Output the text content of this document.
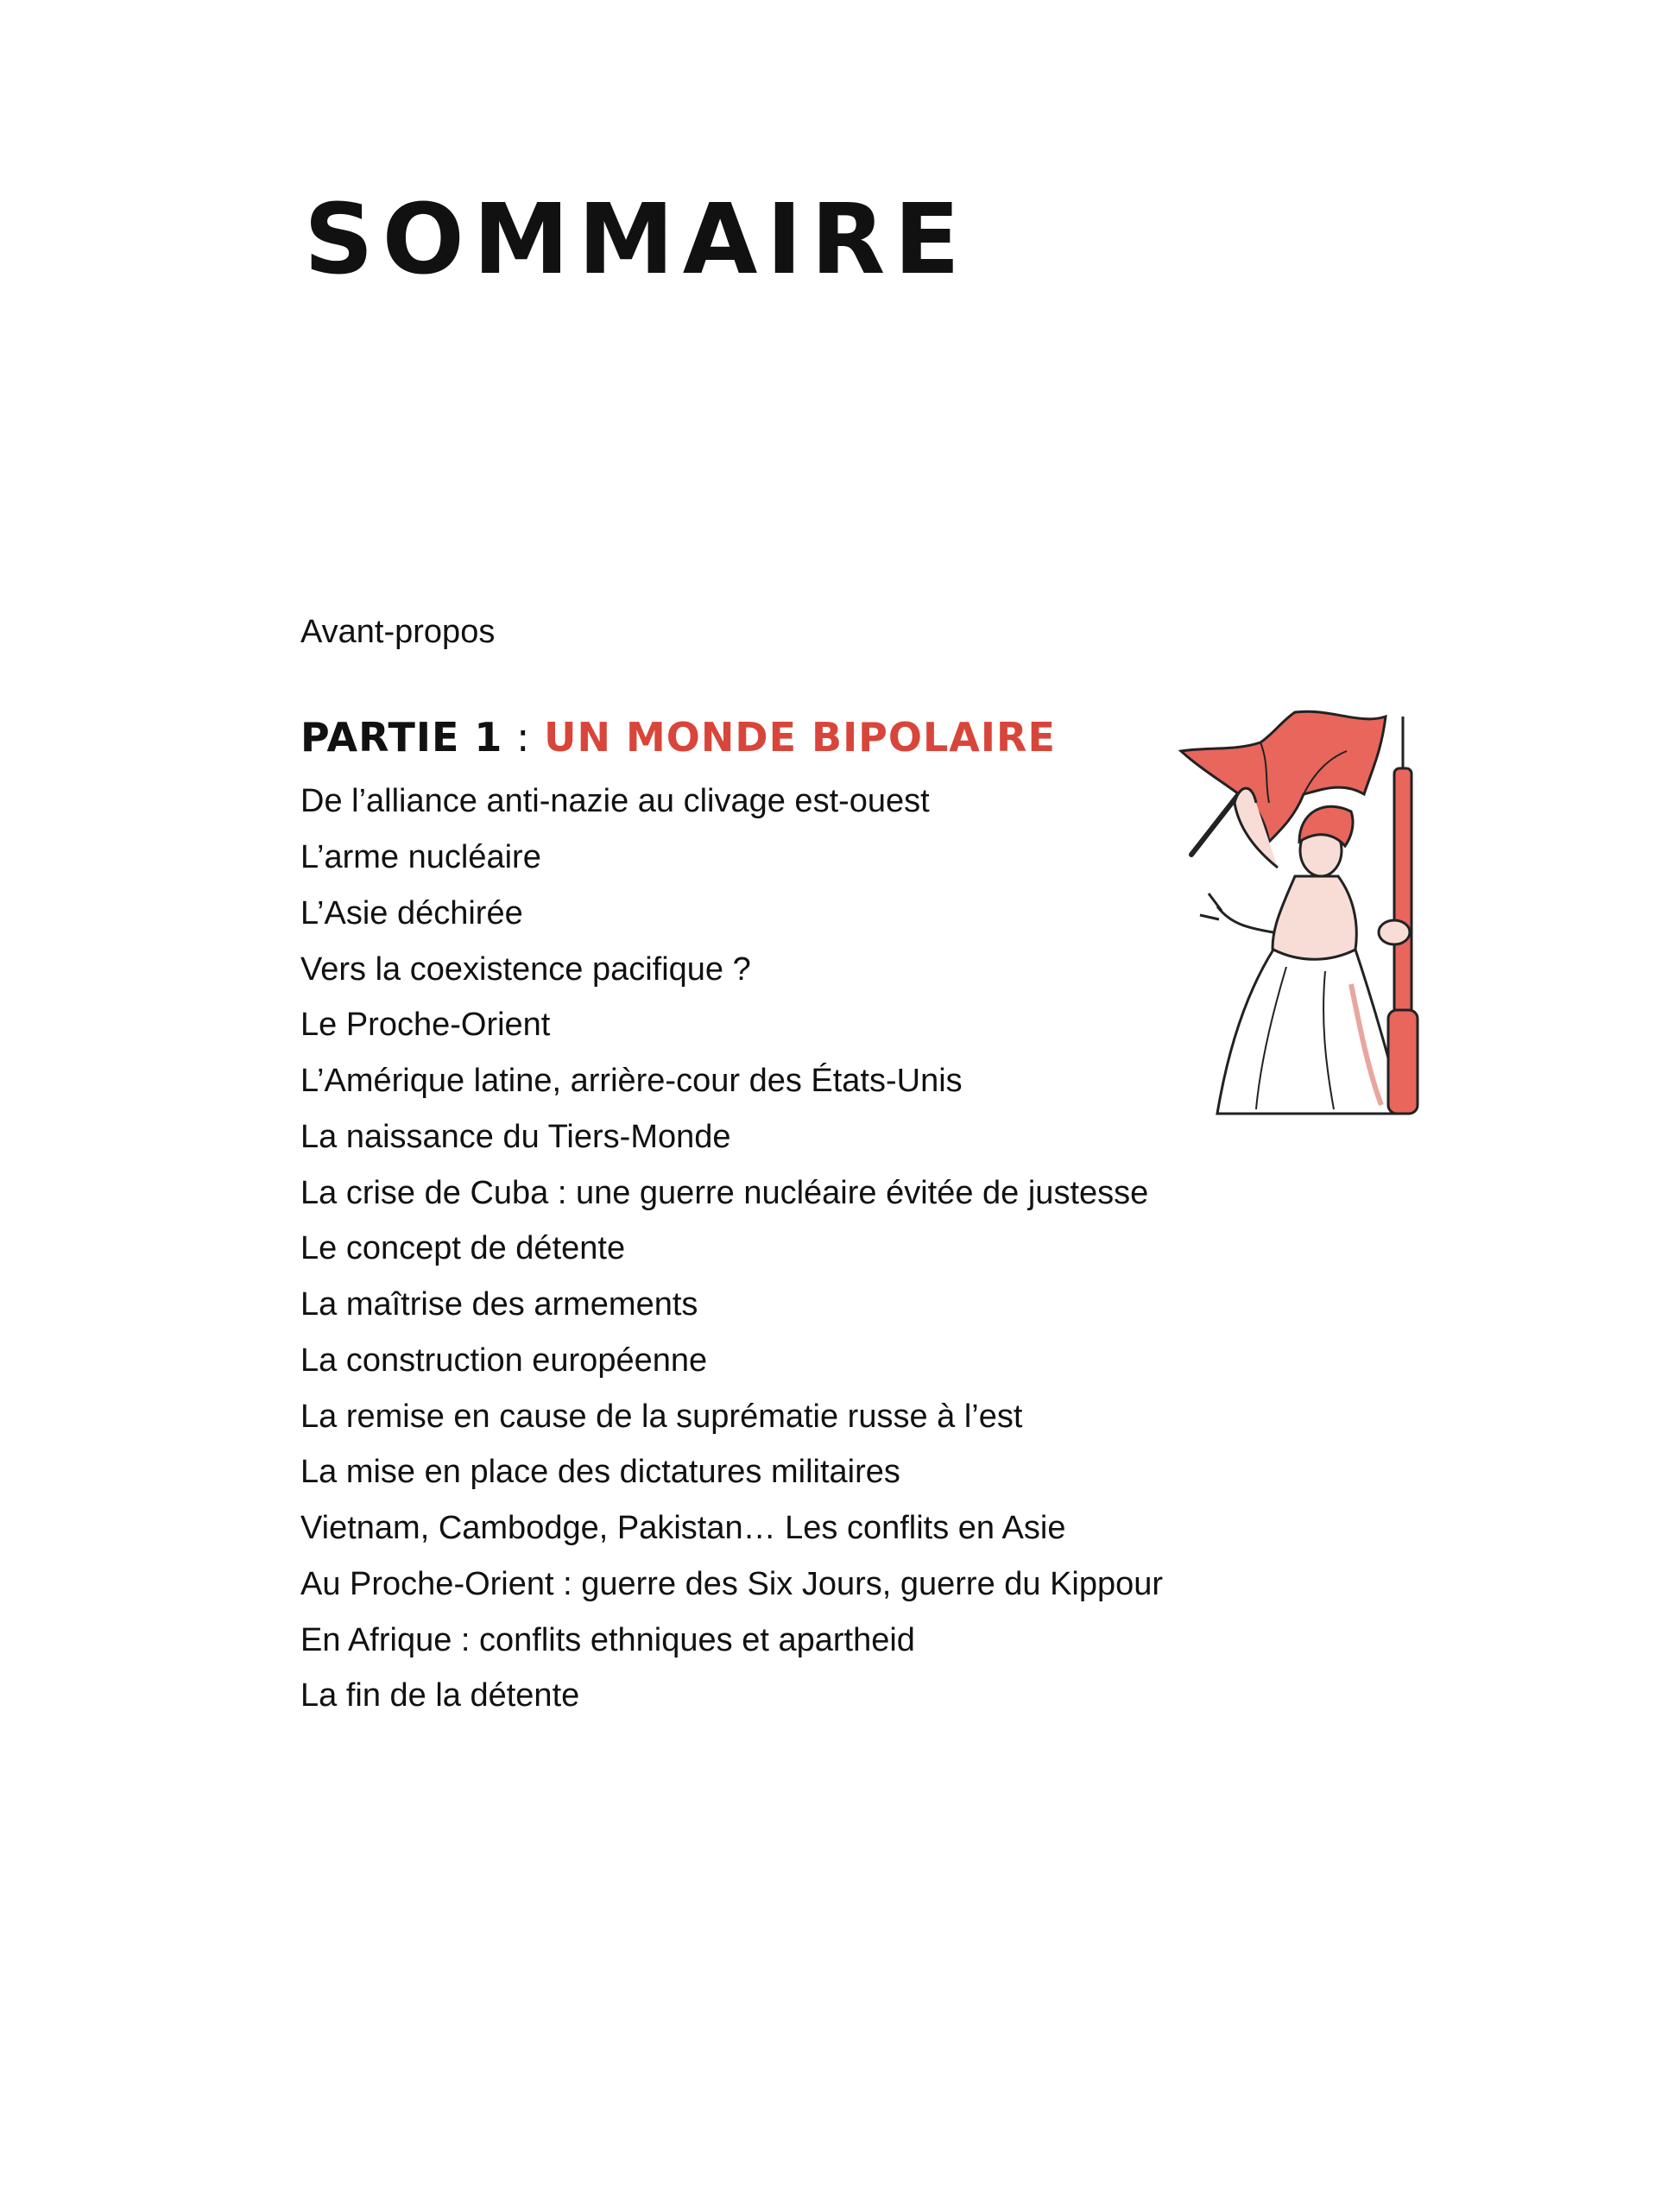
SOMMAIRE
Avant-propos
PARTIE 1 : UN MONDE BIPOLAIRE
De l’alliance anti-nazie au clivage est-ouest
L’arme nucléaire
L’Asie déchirée
Vers la coexistence pacifique ?
Le Proche-Orient
L’Amérique latine, arrière-cour des États-Unis
La naissance du Tiers-Monde
La crise de Cuba : une guerre nucléaire évitée de justesse
Le concept de détente
La maîtrise des armements
La construction européenne
La remise en cause de la suprématie russe à l’est
La mise en place des dictatures militaires
Vietnam, Cambodge, Pakistan… Les conflits en Asie
Au Proche-Orient : guerre des Six Jours, guerre du Kippour
En Afrique : conflits ethniques et apartheid
La fin de la détente
